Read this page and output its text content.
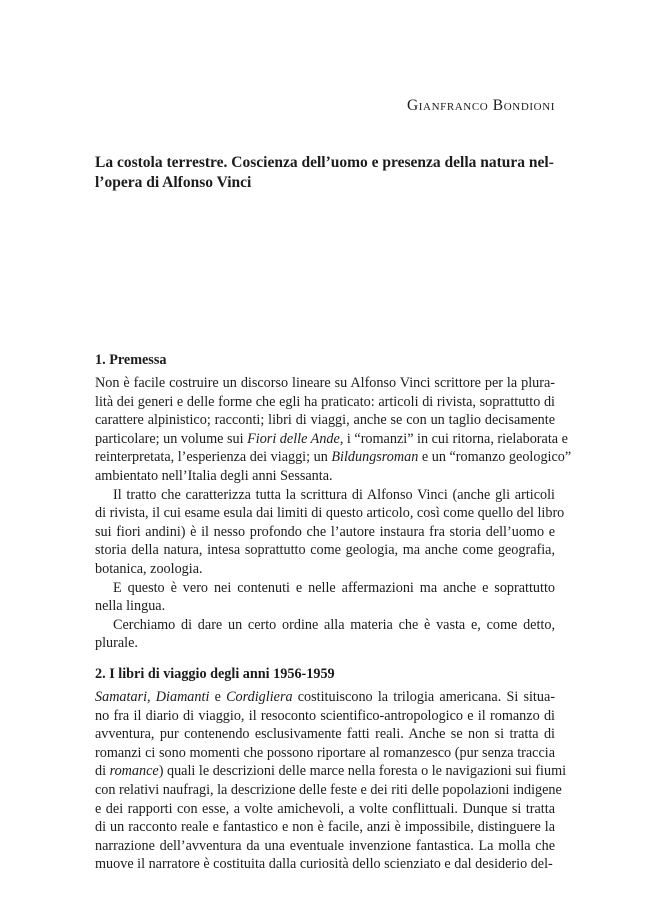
Gianfranco Bondioni
La costola terrestre. Coscienza dell’uomo e presenza della natura nel-
l’opera di Alfonso Vinci
1. Premessa
Non è facile costruire un discorso lineare su Alfonso Vinci scrittore per la plura-
lità dei generi e delle forme che egli ha praticato: articoli di rivista, soprattutto di
carattere alpinistico; racconti; libri di viaggi, anche se con un taglio decisamente
particolare; un volume sui Fiori delle Ande, i “romanzi” in cui ritorna, rielaborata e
reinterpretata, l’esperienza dei viaggi; un Bildungsroman e un “romanzo geologico”
ambientato nell’Italia degli anni Sessanta.
Il tratto che caratterizza tutta la scrittura di Alfonso Vinci (anche gli articoli
di rivista, il cui esame esula dai limiti di questo articolo, così come quello del libro
sui fiori andini) è il nesso profondo che l’autore instaura fra storia dell’uomo e
storia della natura, intesa soprattutto come geologia, ma anche come geografia,
botanica, zoologia.
E questo è vero nei contenuti e nelle affermazioni ma anche e soprattutto
nella lingua.
Cerchiamo di dare un certo ordine alla materia che è vasta e, come detto,
plurale.
2. I libri di viaggio degli anni 1956-1959
Samatari, Diamanti e Cordigliera costituiscono la trilogia americana. Si situa-
no fra il diario di viaggio, il resoconto scientifico-antropologico e il romanzo di
avventura, pur contenendo esclusivamente fatti reali. Anche se non si tratta di
romanzi ci sono momenti che possono riportare al romanzesco (pur senza traccia
di romance) quali le descrizioni delle marce nella foresta o le navigazioni sui fiumi
con relativi naufragi, la descrizione delle feste e dei riti delle popolazioni indigene
e dei rapporti con esse, a volte amichevoli, a volte conflittuali. Dunque si tratta
di un racconto reale e fantastico e non è facile, anzi è impossibile, distinguere la
narrazione dell’avventura da una eventuale invenzione fantastica. La molla che
muove il narratore è costituita dalla curiosità dello scienziato e dal desiderio del-
